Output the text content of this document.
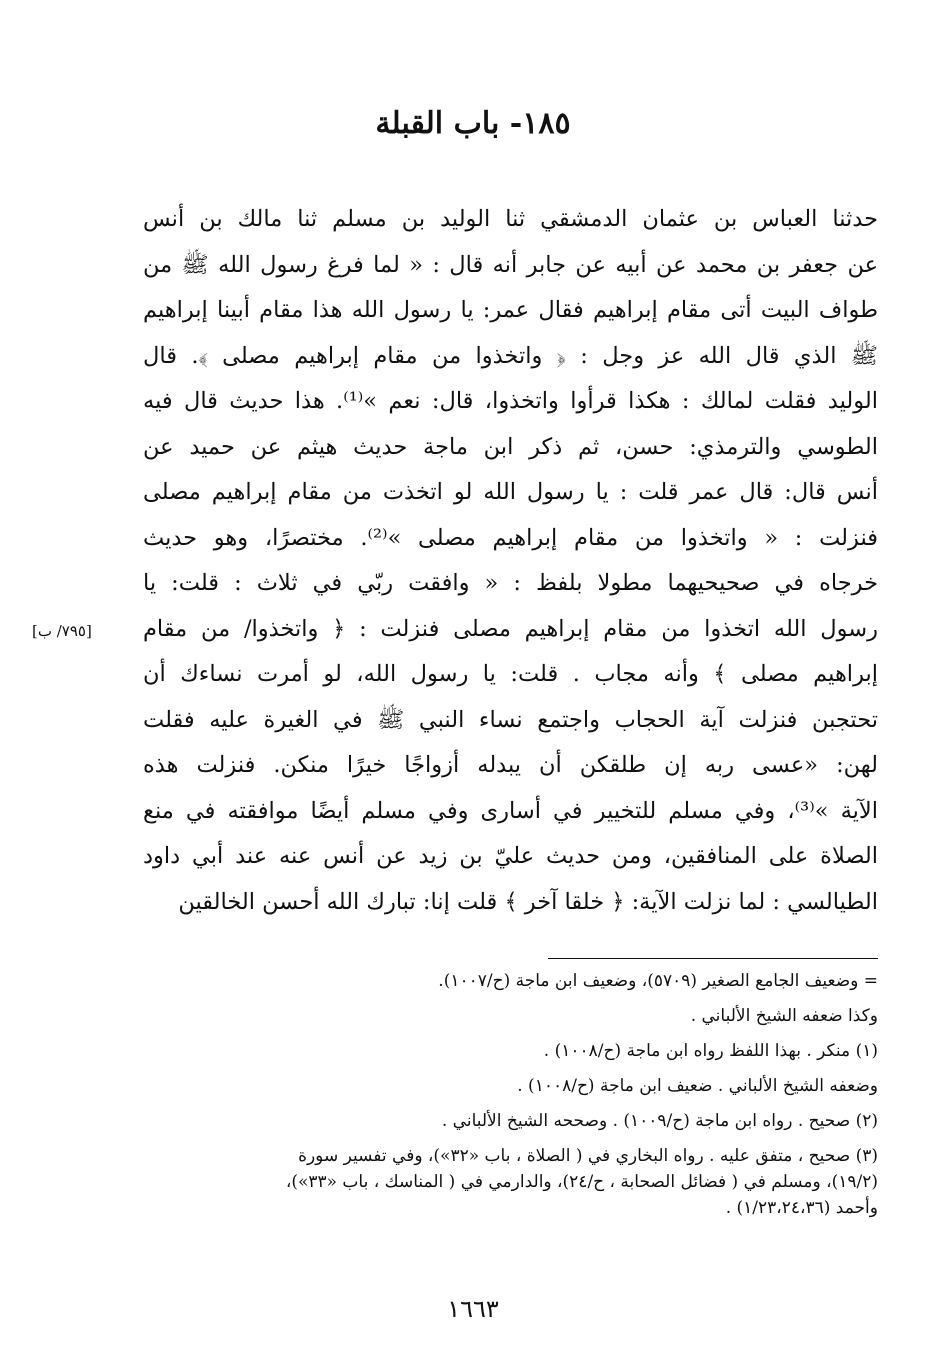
١٨٥- باب القبلة
حدثنا العباس بن عثمان الدمشقي ثنا الوليد بن مسلم ثنا مالك بن أنس
عن جعفر بن محمد عن أبيه عن جابر أنه قال : « لما فرغ رسول الله ﷺ من
طواف البيت أتى مقام إبراهيم فقال عمر: يا رسول الله هذا مقام أبينا إبراهيم
ﷺ الذي قال الله عز وجل : ﴿ واتخذوا من مقام إبراهيم مصلى ﴾. قال
الوليد فقلت لمالك : هكذا قرأوا واتخذوا، قال: نعم »⁽¹⁾. هذا حديث قال فيه
الطوسي والترمذي: حسن، ثم ذكر ابن ماجة حديث هيثم عن حميد عن
أنس قال: قال عمر قلت : يا رسول الله لو اتخذت من مقام إبراهيم مصلى
فنزلت : « واتخذوا من مقام إبراهيم مصلى »⁽²⁾. مختصرًا، وهو حديث
خرجاه في صحيحيهما مطولا بلفظ : « وافقت ربّي في ثلاث : قلت: يا
رسول الله اتخذوا من مقام إبراهيم مصلى فنزلت : ﴿ واتخذوا/ من مقام
إبراهيم مصلى ﴾ وأنه مجاب . قلت: يا رسول الله، لو أمرت نساءك أن
تحتجبن فنزلت آية الحجاب واجتمع نساء النبي ﷺ في الغيرة عليه فقلت
لهن: «عسى ربه إن طلقكن أن يبدله أزواجًا خيرًا منكن. فنزلت هذه
الآية »⁽³⁾، وفي مسلم للتخيير في أسارى وفي مسلم أيضًا موافقته في منع
الصلاة على المنافقين، ومن حديث عليّ بن زيد عن أنس عنه عند أبي داود
الطيالسي : لما نزلت الآية: ﴿ خلقا آخر ﴾ قلت إنا: تبارك الله أحسن الخالقين
[٧٩٥/ ب]
= وضعيف الجامع الصغير (٥٧٠٩)، وضعيف ابن ماجة (ح/١٠٠٧).
وكذا ضعفه الشيخ الألباني .
(١) منكر . بهذا اللفظ رواه ابن ماجة (ح/١٠٠٨) .
وضعفه الشيخ الألباني . ضعيف ابن ماجة (ح/١٠٠٨) .
(٢) صحيح . رواه ابن ماجة (ح/١٠٠٩) . وصححه الشيخ الألباني .
(٣) صحيح ، متفق عليه . رواه البخاري في ( الصلاة ، باب «٣٢»)، وفي تفسير سورة
(١٩/٢)، ومسلم في ( فضائل الصحابة ، ح/٢٤)، والدارمي في ( المناسك ، باب «٣٣»)،
وأحمد (١/٢٣،٢٤،٣٦) .
١٦٦٣
